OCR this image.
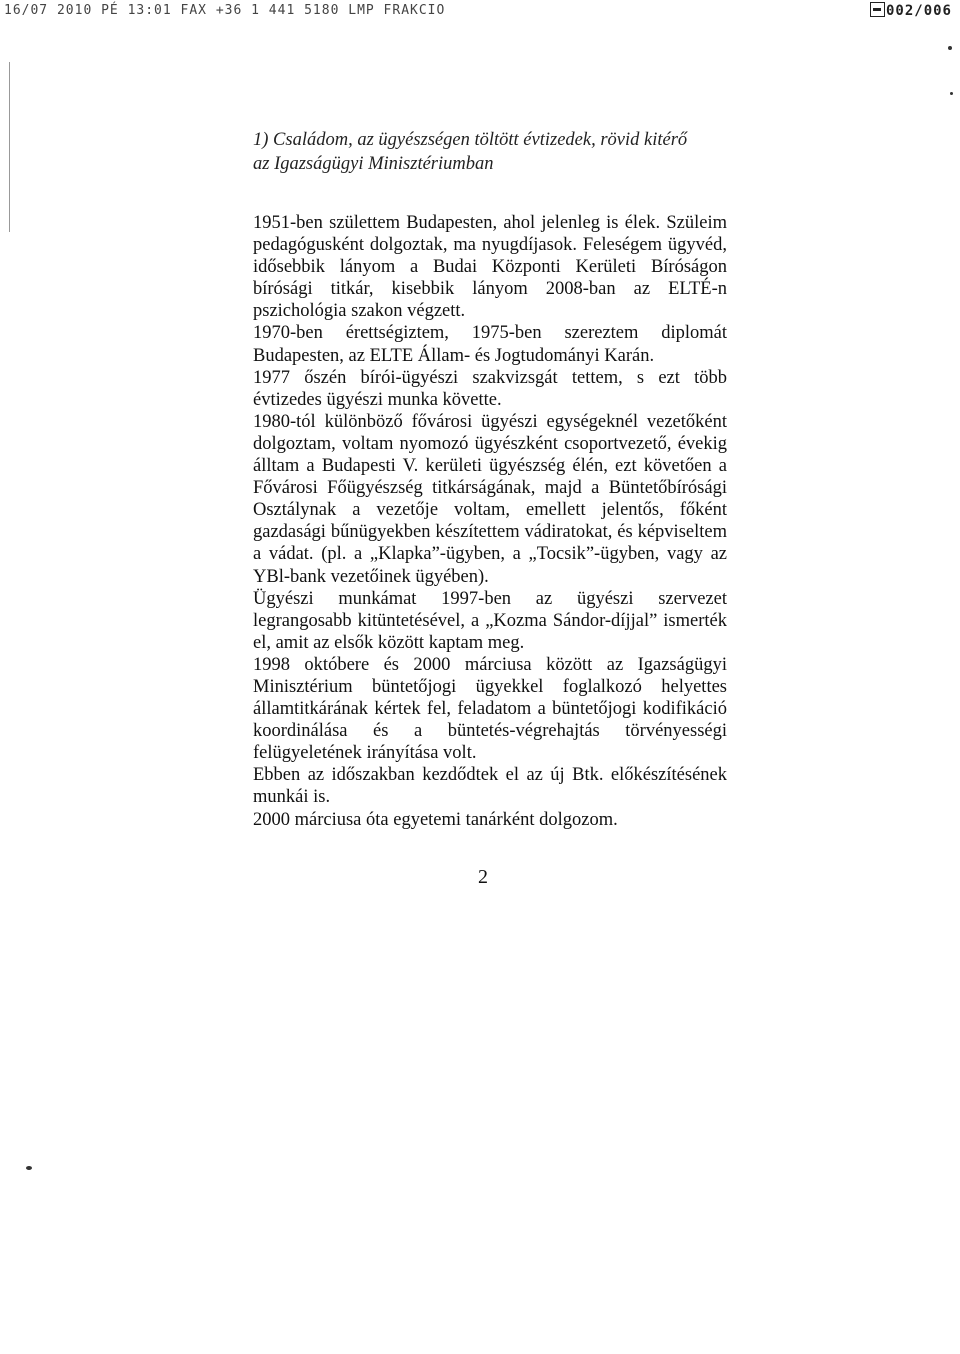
16/07 2010 PÉ 13:01 FAX +36 1 441 5180 LMP FRAKCIO	002/006
1) Családom, az ügyészségen töltött évtizedek, rövid kitérő
az Igazságügyi Minisztériumban

1951-ben születtem Budapesten, ahol jelenleg is élek. Szüleim pedagógusként dolgoztak, ma nyugdíjasok. Feleségem ügyvéd, idősebbik lányom a Budai Központi Kerületi Bíróságon bírósági titkár, kisebbik lányom 2008-ban az ELTÉ-n pszichológia szakon végzett.

1970-ben érettségiztem, 1975-ben szereztem diplomát Budapesten, az ELTE Állam- és Jogtudományi Karán.

1977 őszén bírói-ügyészi szakvizsgát tettem, s ezt több évtizedes ügyészi munka követte.

1980-tól különböző fővárosi ügyészi egységeknél vezetőként dolgoztam, voltam nyomozó ügyészként csoportvezető, évekig álltam a Budapesti V. kerületi ügyészség élén, ezt követően a Fővárosi Főügyészség titkárságának, majd a Büntetőbírósági Osztálynak a vezetője voltam, emellett jelentős, főként gazdasági bűnügyekben készítettem vádiratokat, és képviseltem a vádat. (pl. a „Klapka”-ügyben, a „Tocsik”-ügyben, vagy az YBl-bank vezetőinek ügyében).

Ügyészi munkámat 1997-ben az ügyészi szervezet legrangosabb kitüntetésével, a „Kozma Sándor-díjjal” ismerték el, amit az elsők között kaptam meg.

1998 októbere és 2000 márciusa között az Igazságügyi Minisztérium büntetőjogi ügyekkel foglalkozó helyettes államtitkárának kértek fel, feladatom a büntetőjogi kodifikáció koordinálása és a büntetés-végrehajtás törvényességi felügyeletének irányítása volt.

Ebben az időszakban kezdődtek el az új Btk. előkészítésének munkái is.

2000 márciusa óta egyetemi tanárként dolgozom.

2
